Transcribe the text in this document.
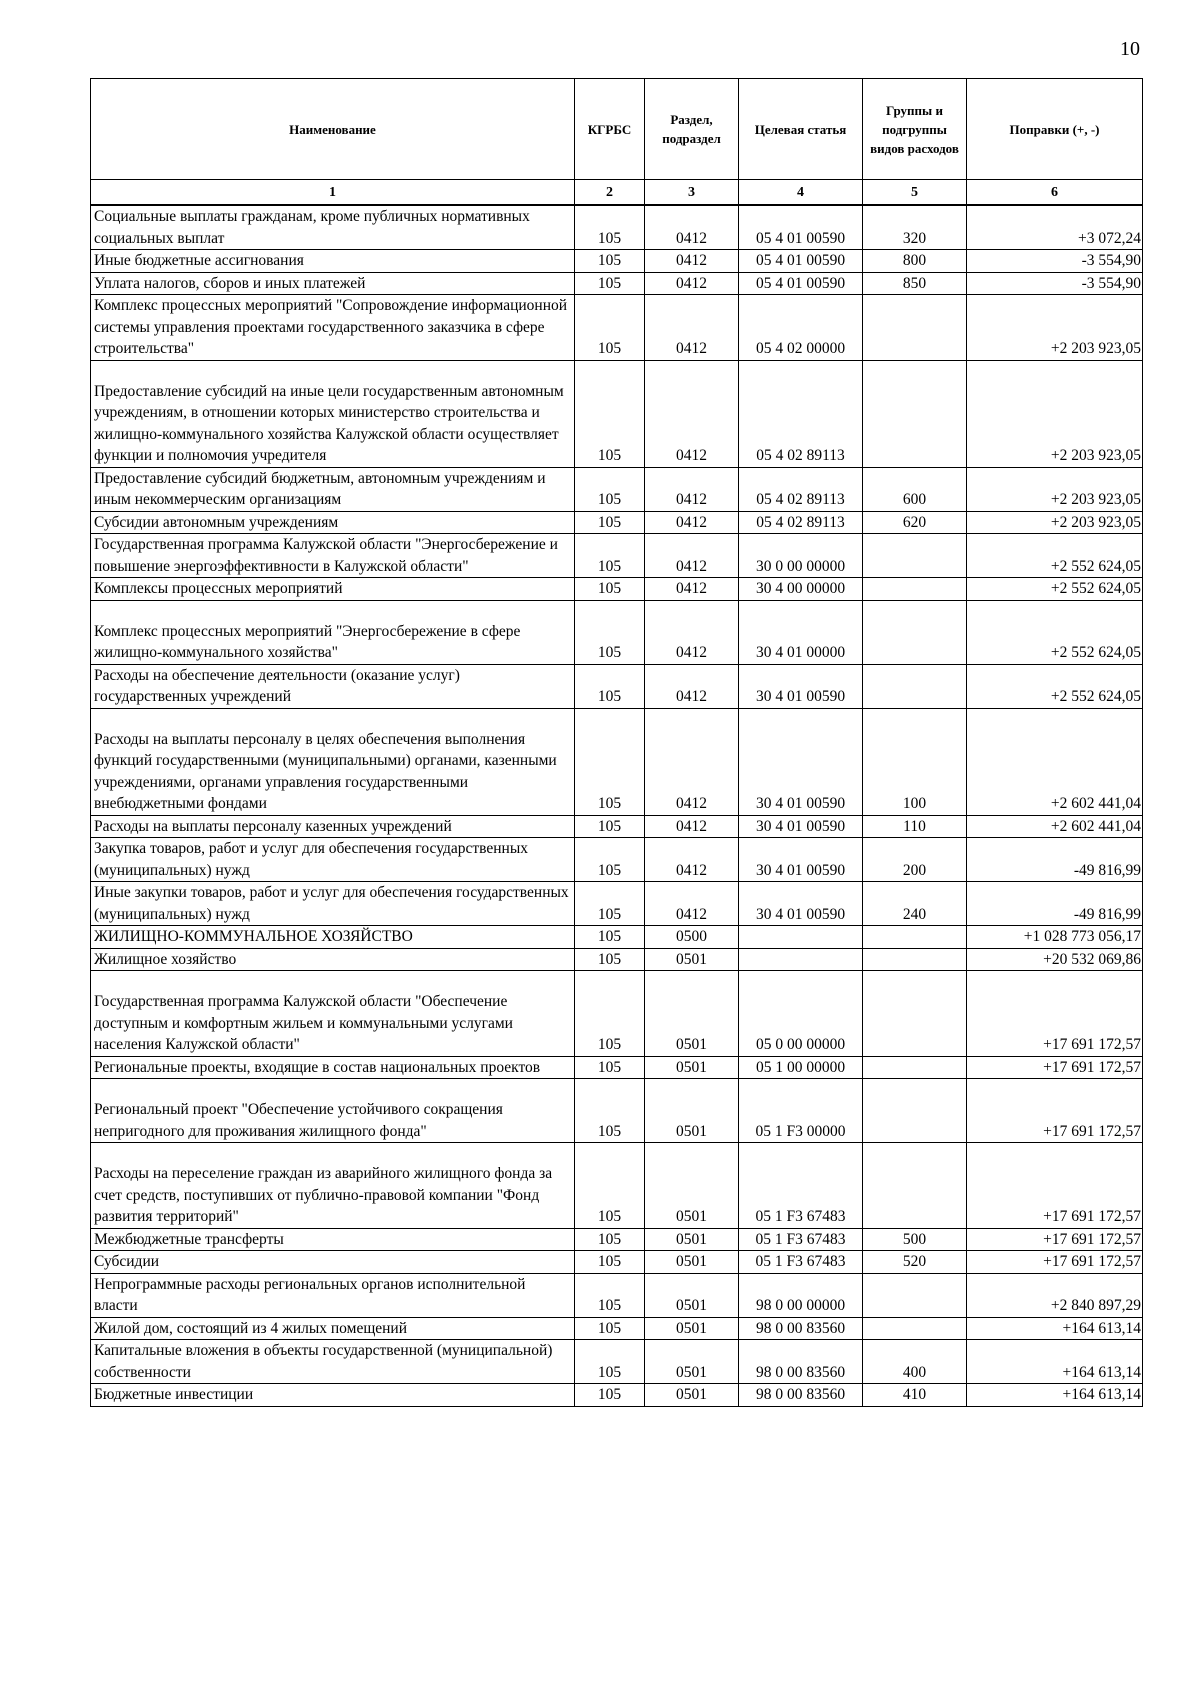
10
Наименование	КГРБС	Раздел, подраздел	Целевая статья	Группы и подгруппы видов расходов	Поправки (+, -)
1	2	3	4	5	6
Социальные выплаты гражданам, кроме публичных нормативных социальных выплат	105	0412	05 4 01 00590	320	+3 072,24
Иные бюджетные ассигнования	105	0412	05 4 01 00590	800	-3 554,90
Уплата налогов, сборов и иных платежей	105	0412	05 4 01 00590	850	-3 554,90
Комплекс процессных мероприятий "Сопровождение информационной системы управления проектами государственного заказчика в сфере строительства"	105	0412	05 4 02 00000		+2 203 923,05
Предоставление субсидий на иные цели государственным автономным учреждениям, в отношении которых министерство строительства и жилищно-коммунального хозяйства Калужской области осуществляет функции и полномочия учредителя	105	0412	05 4 02 89113		+2 203 923,05
Предоставление субсидий бюджетным, автономным учреждениям и иным некоммерческим организациям	105	0412	05 4 02 89113	600	+2 203 923,05
Субсидии автономным учреждениям	105	0412	05 4 02 89113	620	+2 203 923,05
Государственная программа Калужской области "Энергосбережение и повышение энергоэффективности в Калужской области"	105	0412	30 0 00 00000		+2 552 624,05
Комплексы процессных мероприятий	105	0412	30 4 00 00000		+2 552 624,05
Комплекс процессных мероприятий "Энергосбережение в сфере жилищно-коммунального хозяйства"	105	0412	30 4 01 00000		+2 552 624,05
Расходы на обеспечение деятельности (оказание услуг) государственных учреждений	105	0412	30 4 01 00590		+2 552 624,05
Расходы на выплаты персоналу в целях обеспечения выполнения функций государственными (муниципальными) органами, казенными учреждениями, органами управления государственными внебюджетными фондами	105	0412	30 4 01 00590	100	+2 602 441,04
Расходы на выплаты персоналу казенных учреждений	105	0412	30 4 01 00590	110	+2 602 441,04
Закупка товаров, работ и услуг для обеспечения государственных (муниципальных) нужд	105	0412	30 4 01 00590	200	-49 816,99
Иные закупки товаров, работ и услуг для обеспечения государственных (муниципальных) нужд	105	0412	30 4 01 00590	240	-49 816,99
ЖИЛИЩНО-КОММУНАЛЬНОЕ ХОЗЯЙСТВО	105	0500			+1 028 773 056,17
Жилищное хозяйство	105	0501			+20 532 069,86
Государственная программа Калужской области "Обеспечение доступным и комфортным жильем и коммунальными услугами населения Калужской области"	105	0501	05 0 00 00000		+17 691 172,57
Региональные проекты, входящие в состав национальных проектов	105	0501	05 1 00 00000		+17 691 172,57
Региональный проект "Обеспечение устойчивого сокращения непригодного для проживания жилищного фонда"	105	0501	05 1 F3 00000		+17 691 172,57
Расходы на переселение граждан из аварийного жилищного фонда за счет средств, поступивших от публично-правовой компании "Фонд развития территорий"	105	0501	05 1 F3 67483		+17 691 172,57
Межбюджетные трансферты	105	0501	05 1 F3 67483	500	+17 691 172,57
Субсидии	105	0501	05 1 F3 67483	520	+17 691 172,57
Непрограммные расходы региональных органов исполнительной власти	105	0501	98 0 00 00000		+2 840 897,29
Жилой дом, состоящий из 4 жилых помещений	105	0501	98 0 00 83560		+164 613,14
Капитальные вложения в объекты государственной (муниципальной) собственности	105	0501	98 0 00 83560	400	+164 613,14
Бюджетные инвестиции	105	0501	98 0 00 83560	410	+164 613,14
